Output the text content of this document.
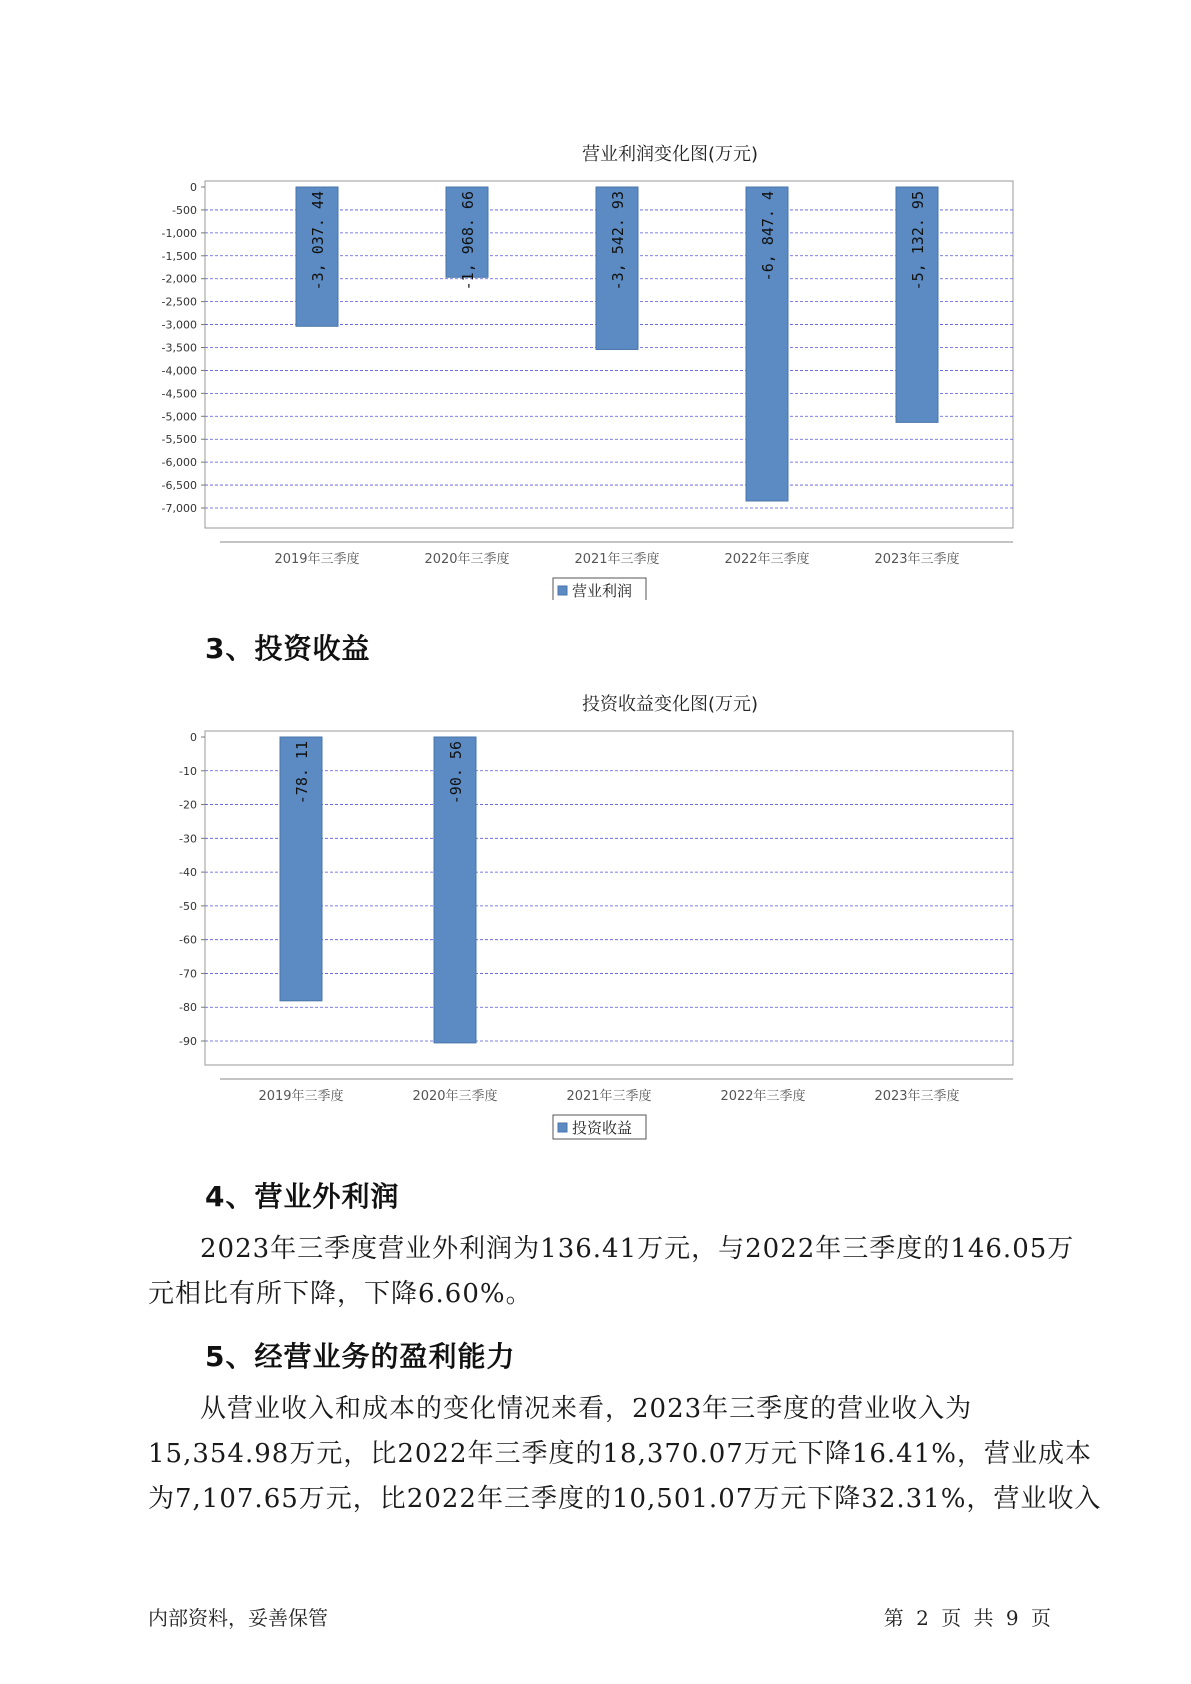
营业利润变化图(万元)
0
-500
-1,000
-1,500
-2,000
-2,500
-3,000
-3,500
-4,000
-4,500
-5,000
-5,500
-6,000
-6,500
-7,000
-3, 037. 44
2019年三季度
-1, 968. 66
2020年三季度
-3, 542. 93
2021年三季度
-6, 847. 4
2022年三季度
-5, 132. 95
2023年三季度
营业利润
3、投资收益
投资收益变化图(万元)
0
-10
-20
-30
-40
-50
-60
-70
-80
-90
-78. 11
2019年三季度
-90. 56
2020年三季度	2021年三季度	2022年三季度	2023年三季度
投资收益
4、营业外利润

2023年三季度营业外利润为136.41万元，与2022年三季度的146.05万
元相比有所下降，下降6.60%。

5、经营业务的盈利能力

从营业收入和成本的变化情况来看，2023年三季度的营业收入为
15,354.98万元，比2022年三季度的18,370.07万元下降16.41%，营业成本
为7,107.65万元，比2022年三季度的10,501.07万元下降32.31%，营业收入

内部资料，妥善保管	第 2 页 共 9 页
